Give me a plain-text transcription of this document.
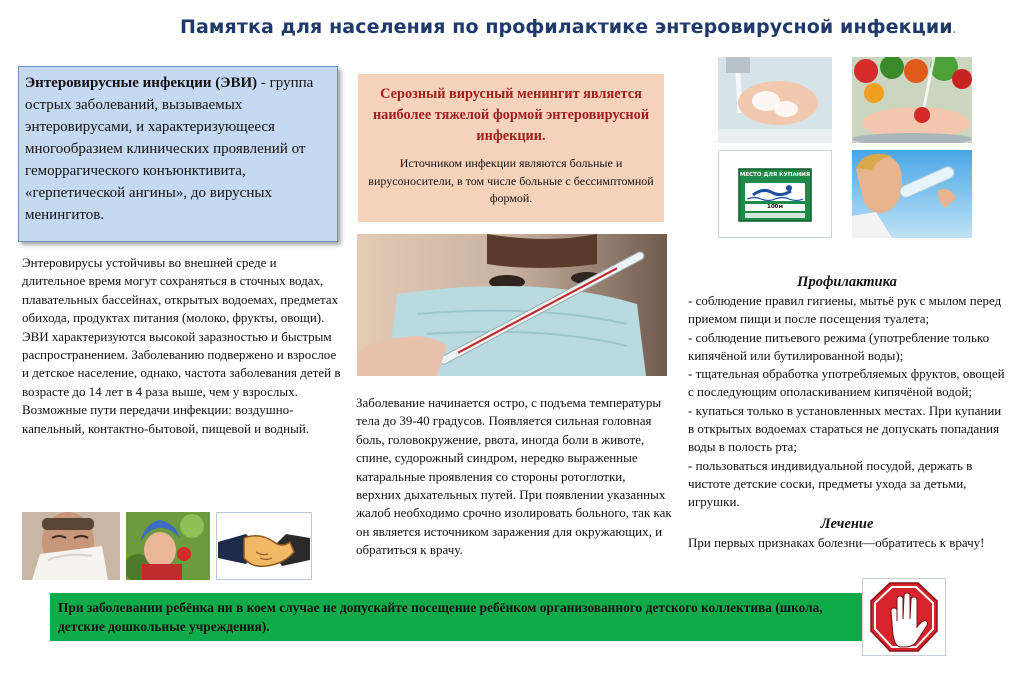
Памятка для населения по профилактике энтеровирусной инфекции.
Энтеровирусные инфекции (ЭВИ) - группа острых заболеваний, вызываемых энтеровирусами, и характеризующееся многообразием клинических проявлений от геморрагического конъюнктивита, «герпетической ангины», до вирусных менингитов.

Энтеровирусы устойчивы во внешней среде и длительное время могут сохраняться в сточных водах, плавательных бассейнах, открытых водоемах, предметах обихода, продуктах питания (молоко, фрукты, овощи).

ЭВИ характеризуются высокой заразностью и быстрым распространением. Заболеванию подвержено и взрослое и детское население, однако, частота заболевания детей в возрасте до 14 лет в 4 раза выше, чем у взрослых. Возможные пути передачи инфекции: воздушно-капельный, контактно-бытовой, пищевой и водный.

Серозный вирусный менингит является наиболее тяжелой формой энтеровирусной инфекции.
Источником инфекции являются больные и вирусоносители, в том числе больные с бессимптомной формой.
Заболевание начинается остро, с подъема температуры тела до 39-40 градусов. Появляется сильная головная боль, головокружение, рвота, иногда боли в животе, спине, судорожный синдром, нередко выраженные катаральные проявления со стороны ротоглотки, верхних дыхательных путей. При появлении указанных жалоб необходимо срочно изолировать больного, так как он является источником заражения для окружающих, и обратиться к врачу.
МЕСТО ДЛЯ КУПАНИЯ
100м
Профилактика

- соблюдение правил гигиены, мытьё рук с мылом перед приемом пищи и после посещения туалета;

- соблюдение питьевого режима (употребление только кипячёной или бутилированной воды);

- тщательная обработка употребляемых фруктов, овощей с последующим ополаскиванием кипячёной водой;

- купаться только в установленных местах. При купании в открытых водоемах стараться не допускать попадания воды в полость рта;

- пользоваться индивидуальной посудой, держать в чистоте детские соски, предметы ухода за детьми, игрушки.

Лечение

При первых признаках болезни—обратитесь к врачу!

При заболевании ребёнка ни в коем случае не допускайте посещение ребёнком организованного детского коллектива (школа, детские дошкольные учреждения).
